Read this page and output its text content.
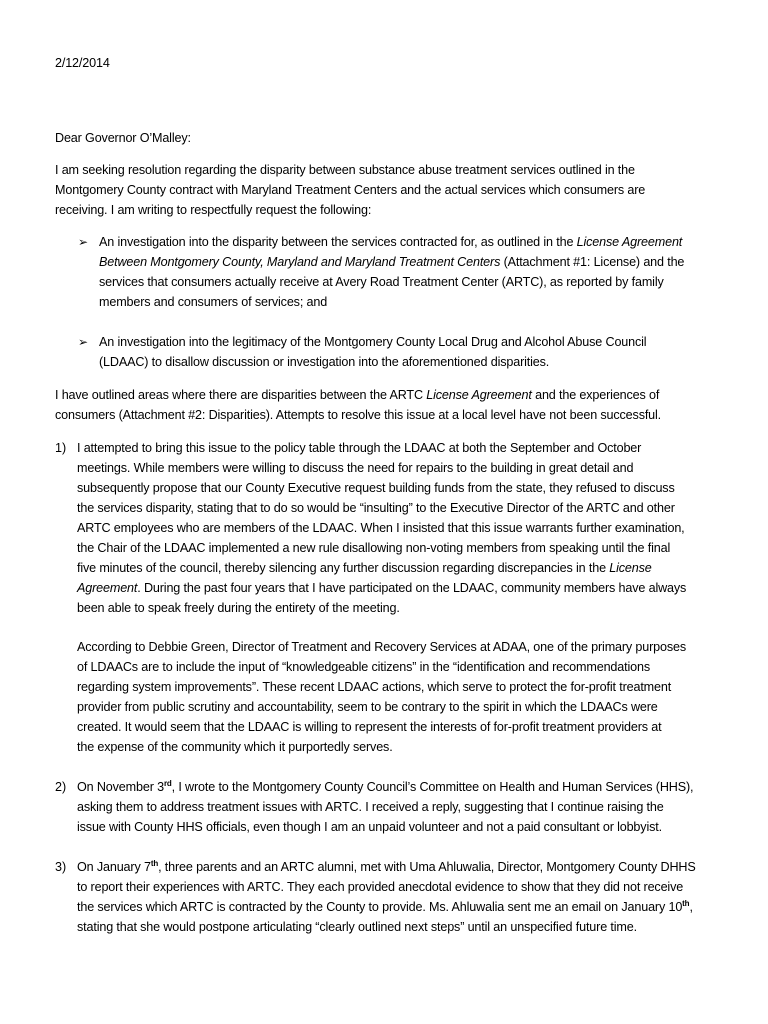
2/12/2014
Dear Governor O’Malley:
I am seeking resolution regarding the disparity between substance abuse treatment services outlined in the
Montgomery County contract with Maryland Treatment Centers and the actual services which consumers are
receiving. I am writing to respectfully request the following:
➢ An investigation into the disparity between the services contracted for, as outlined in the License Agreement
Between Montgomery County, Maryland and Maryland Treatment Centers (Attachment #1: License) and the
services that consumers actually receive at Avery Road Treatment Center (ARTC), as reported by family
members and consumers of services; and
➢ An investigation into the legitimacy of the Montgomery County Local Drug and Alcohol Abuse Council
(LDAAC) to disallow discussion or investigation into the aforementioned disparities.
I have outlined areas where there are disparities between the ARTC License Agreement and the experiences of
consumers (Attachment #2: Disparities). Attempts to resolve this issue at a local level have not been successful.
1) I attempted to bring this issue to the policy table through the LDAAC at both the September and October
meetings. While members were willing to discuss the need for repairs to the building in great detail and
subsequently propose that our County Executive request building funds from the state, they refused to discuss
the services disparity, stating that to do so would be “insulting” to the Executive Director of the ARTC and other
ARTC employees who are members of the LDAAC. When I insisted that this issue warrants further examination,
the Chair of the LDAAC implemented a new rule disallowing non-voting members from speaking until the final
five minutes of the council, thereby silencing any further discussion regarding discrepancies in the License
Agreement. During the past four years that I have participated on the LDAAC, community members have always
been able to speak freely during the entirety of the meeting.
According to Debbie Green, Director of Treatment and Recovery Services at ADAA, one of the primary purposes
of LDAACs are to include the input of “knowledgeable citizens” in the “identification and recommendations
regarding system improvements”. These recent LDAAC actions, which serve to protect the for-profit treatment
provider from public scrutiny and accountability, seem to be contrary to the spirit in which the LDAACs were
created. It would seem that the LDAAC is willing to represent the interests of for-profit treatment providers at
the expense of the community which it purportedly serves.
2) On November 3rd, I wrote to the Montgomery County Council’s Committee on Health and Human Services (HHS),
asking them to address treatment issues with ARTC. I received a reply, suggesting that I continue raising the
issue with County HHS officials, even though I am an unpaid volunteer and not a paid consultant or lobbyist.
3) On January 7th, three parents and an ARTC alumni, met with Uma Ahluwalia, Director, Montgomery County DHHS
to report their experiences with ARTC. They each provided anecdotal evidence to show that they did not receive
the services which ARTC is contracted by the County to provide. Ms. Ahluwalia sent me an email on January 10th,
stating that she would postpone articulating “clearly outlined next steps” until an unspecified future time.
